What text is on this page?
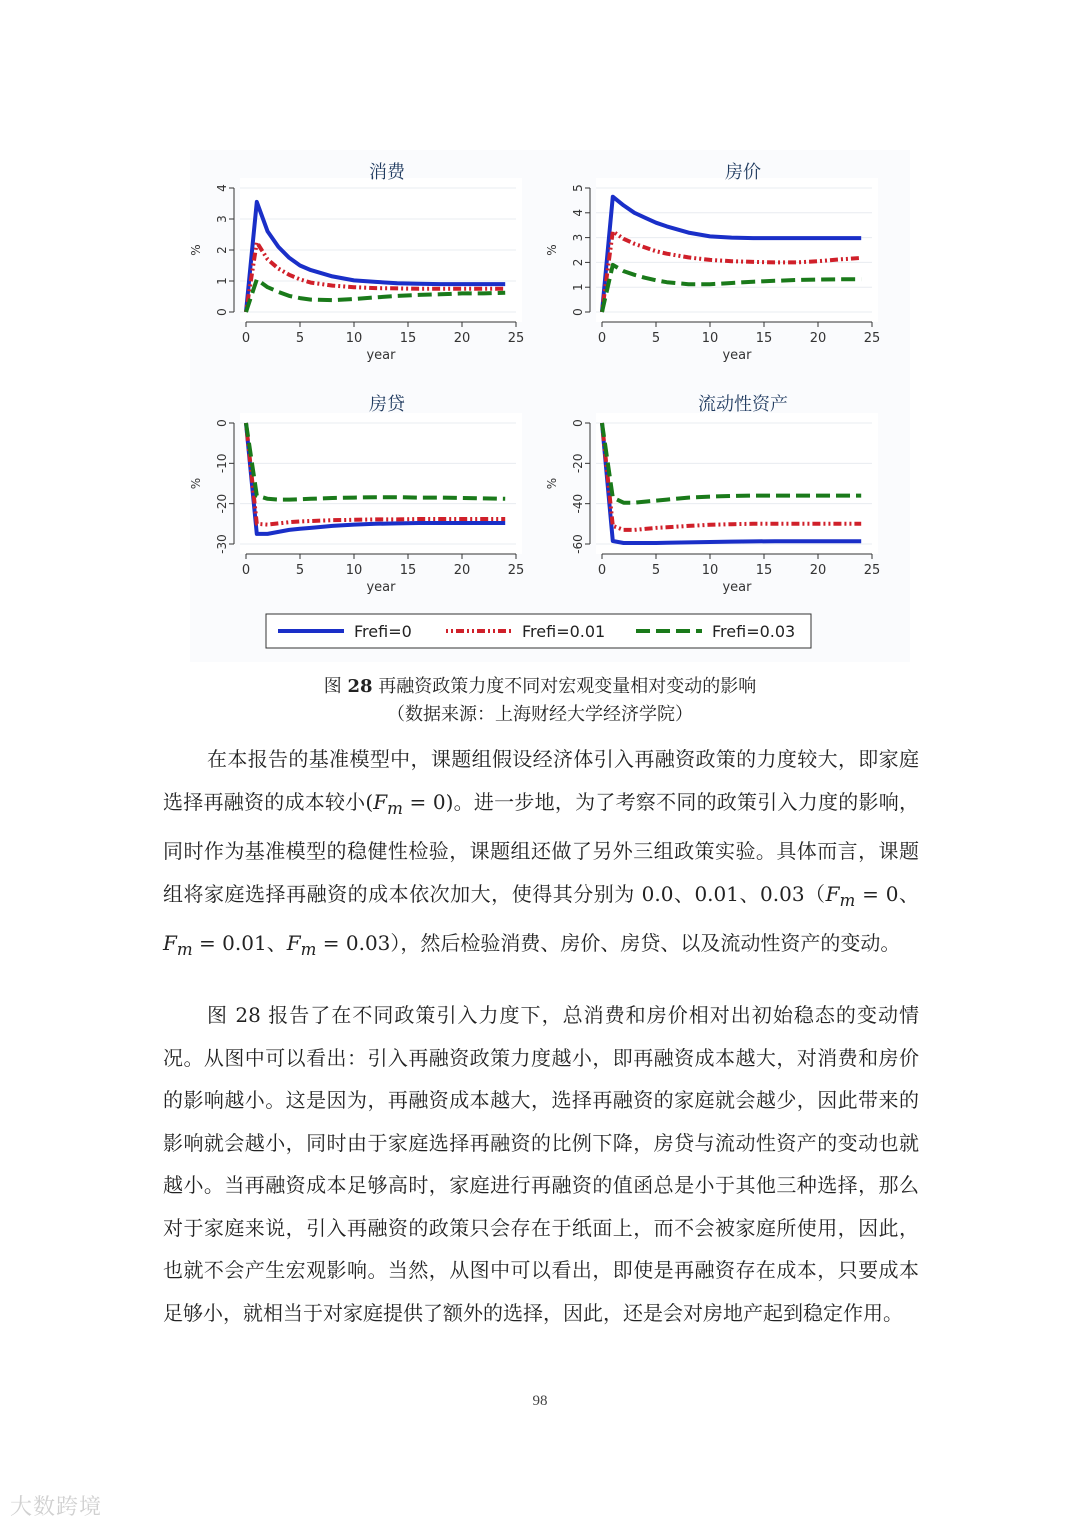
0
1
2
3
4
0	5	10	15	20	25
year
%
消费
0
1
2
3
4
5
0	5	10	15	20	25
year
%
房价
0
-10
-20
-30
0	5	10	15	20	25
year
%
房贷
0
-20
-40
-60
0	5	10	15	20	25
year
%
流动性资产
Frefi=0	Frefi=0.01	Frefi=0.03
图 28 再融资政策力度不同对宏观变量相对变动的影响
（数据来源：上海财经大学经济学院）

在本报告的基准模型中，课题组假设经济体引入再融资政策的力度较大，即家庭选择再融资的成本较小$(F_m = 0)$。进一步地，为了考察不同的政策引入力度的影响，同时作为基准模型的稳健性检验，课题组还做了另外三组政策实验。具体而言，课题组将家庭选择再融资的成本依次加大，使得其分别为 0.0、0.01、$0.03(F_m = 0$、$F_m = 0.01$、$F_m = 0.03$），然后检验消费、房价、房贷、以及流动性资产的变动。

图 28 报告了在不同政策引入力度下，总消费和房价相对出初始稳态的变动情况。从图中可以看出：引入再融资政策力度越小，即再融资成本越大，对消费和房价的影响越小。这是因为，再融资成本越大，选择再融资的家庭就会越少，因此带来的影响就会越小，同时由于家庭选择再融资的比例下降，房贷与流动性资产的变动也就越小。当再融资成本足够高时，家庭进行再融资的值函总是小于其他三种选择，那么对于家庭来说，引入再融资的政策只会存在于纸面上，而不会被家庭所使用，因此，也就不会产生宏观影响。当然，从图中可以看出，即使是再融资存在成本，只要成本足够小，就相当于对家庭提供了额外的选择，因此，还是会对房地产起到稳定作用。

98
大数跨境
